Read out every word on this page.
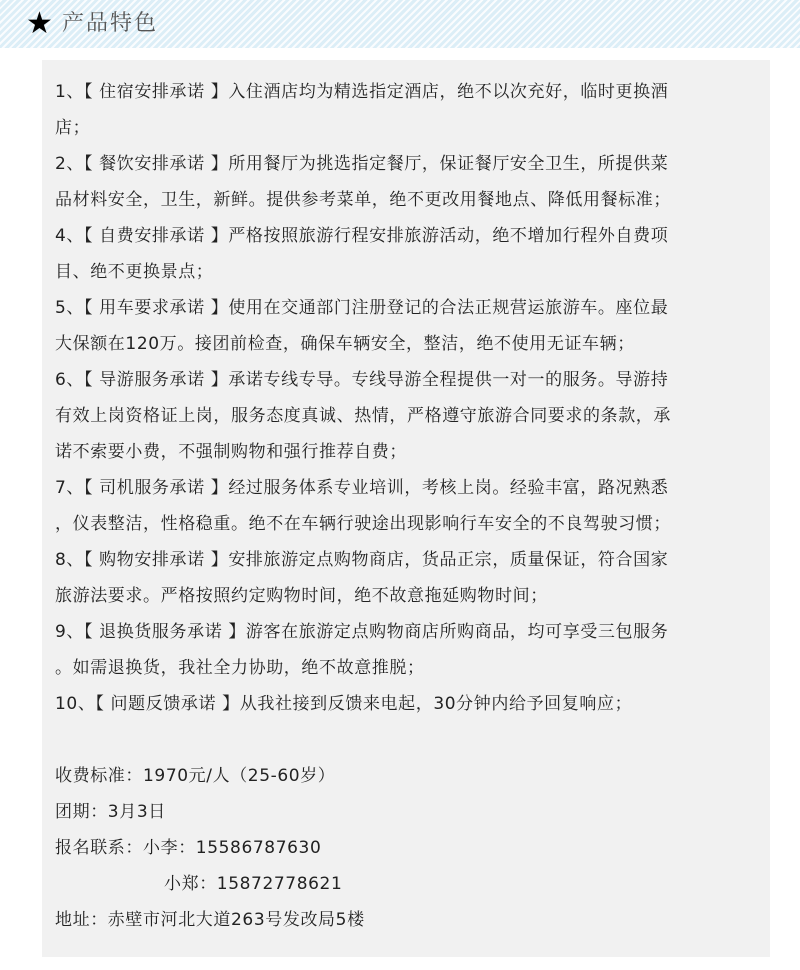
★ 产品特色
1、【 住宿安排承诺 】入住酒店均为精选指定酒店，绝不以次充好，临时更换酒
店；
2、【 餐饮安排承诺 】所用餐厅为挑选指定餐厅，保证餐厅安全卫生，所提供菜
品材料安全，卫生，新鲜。提供参考菜单，绝不更改用餐地点、降低用餐标准；
4、【 自费安排承诺 】严格按照旅游行程安排旅游活动，绝不增加行程外自费项
目、绝不更换景点；
5、【 用车要求承诺 】使用在交通部门注册登记的合法正规营运旅游车。座位最
大保额在120万。接团前检查，确保车辆安全，整洁，绝不使用无证车辆；
6、【 导游服务承诺 】承诺专线专导。专线导游全程提供一对一的服务。导游持
有效上岗资格证上岗，服务态度真诚、热情，严格遵守旅游合同要求的条款，承
诺不索要小费，不强制购物和强行推荐自费；
7、【 司机服务承诺 】经过服务体系专业培训，考核上岗。经验丰富，路况熟悉
，仪表整洁，性格稳重。绝不在车辆行驶途出现影响行车安全的不良驾驶习惯；
8、【 购物安排承诺 】安排旅游定点购物商店，货品正宗，质量保证，符合国家
旅游法要求。严格按照约定购物时间，绝不故意拖延购物时间；
9、【 退换货服务承诺 】游客在旅游定点购物商店所购商品，均可享受三包服务
。如需退换货，我社全力协助，绝不故意推脱；
10、【 问题反馈承诺 】从我社接到反馈来电起，30分钟内给予回复响应；
收费标准：1970元/人（25-60岁）
团期：3月3日
报名联系：小李：15586787630
小郑：15872778621
地址：赤壁市河北大道263号发改局5楼
